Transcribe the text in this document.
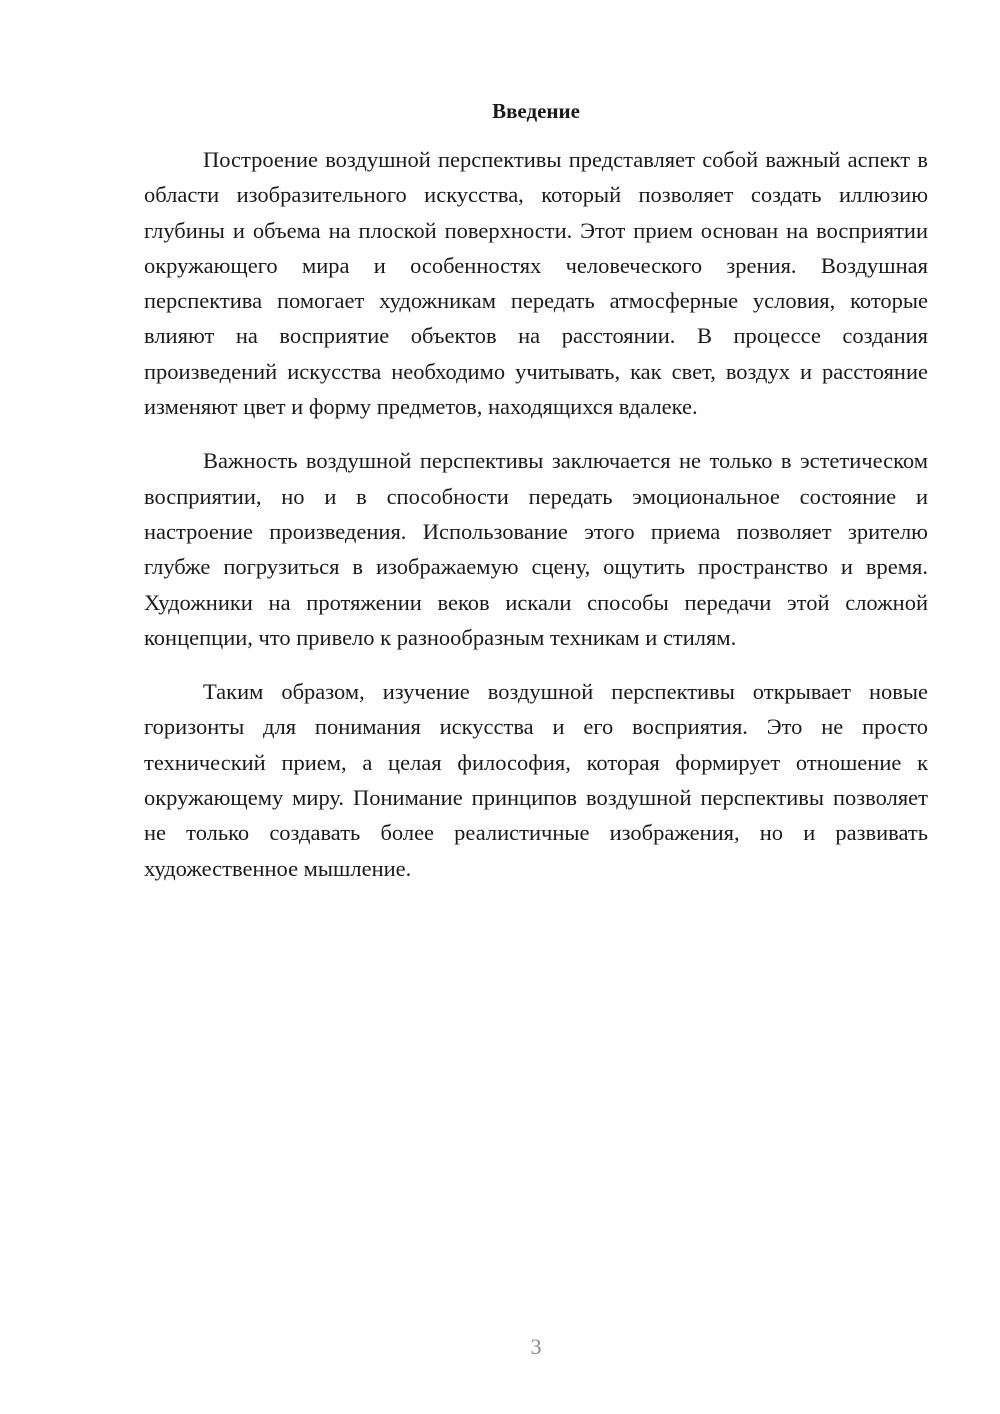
Введение

Построение воздушной перспективы представляет собой важный аспект в области изобразительного искусства, который позволяет создать иллюзию глубины и объема на плоской поверхности. Этот прием основан на восприятии окружающего мира и особенностях человеческого зрения. Воздушная перспектива помогает художникам передать атмосферные условия, которые влияют на восприятие объектов на расстоянии. В процессе создания произведений искусства необходимо учитывать, как свет, воздух и расстояние изменяют цвет и форму предметов, находящихся вдалеке.

Важность воздушной перспективы заключается не только в эстетическом восприятии, но и в способности передать эмоциональное состояние и настроение произведения. Использование этого приема позволяет зрителю глубже погрузиться в изображаемую сцену, ощутить пространство и время. Художники на протяжении веков искали способы передачи этой сложной концепции, что привело к разнообразным техникам и стилям.

Таким образом, изучение воздушной перспективы открывает новые горизонты для понимания искусства и его восприятия. Это не просто технический прием, а целая философия, которая формирует отношение к окружающему миру. Понимание принципов воздушной перспективы позволяет не только создавать более реалистичные изображения, но и развивать художественное мышление.

3
